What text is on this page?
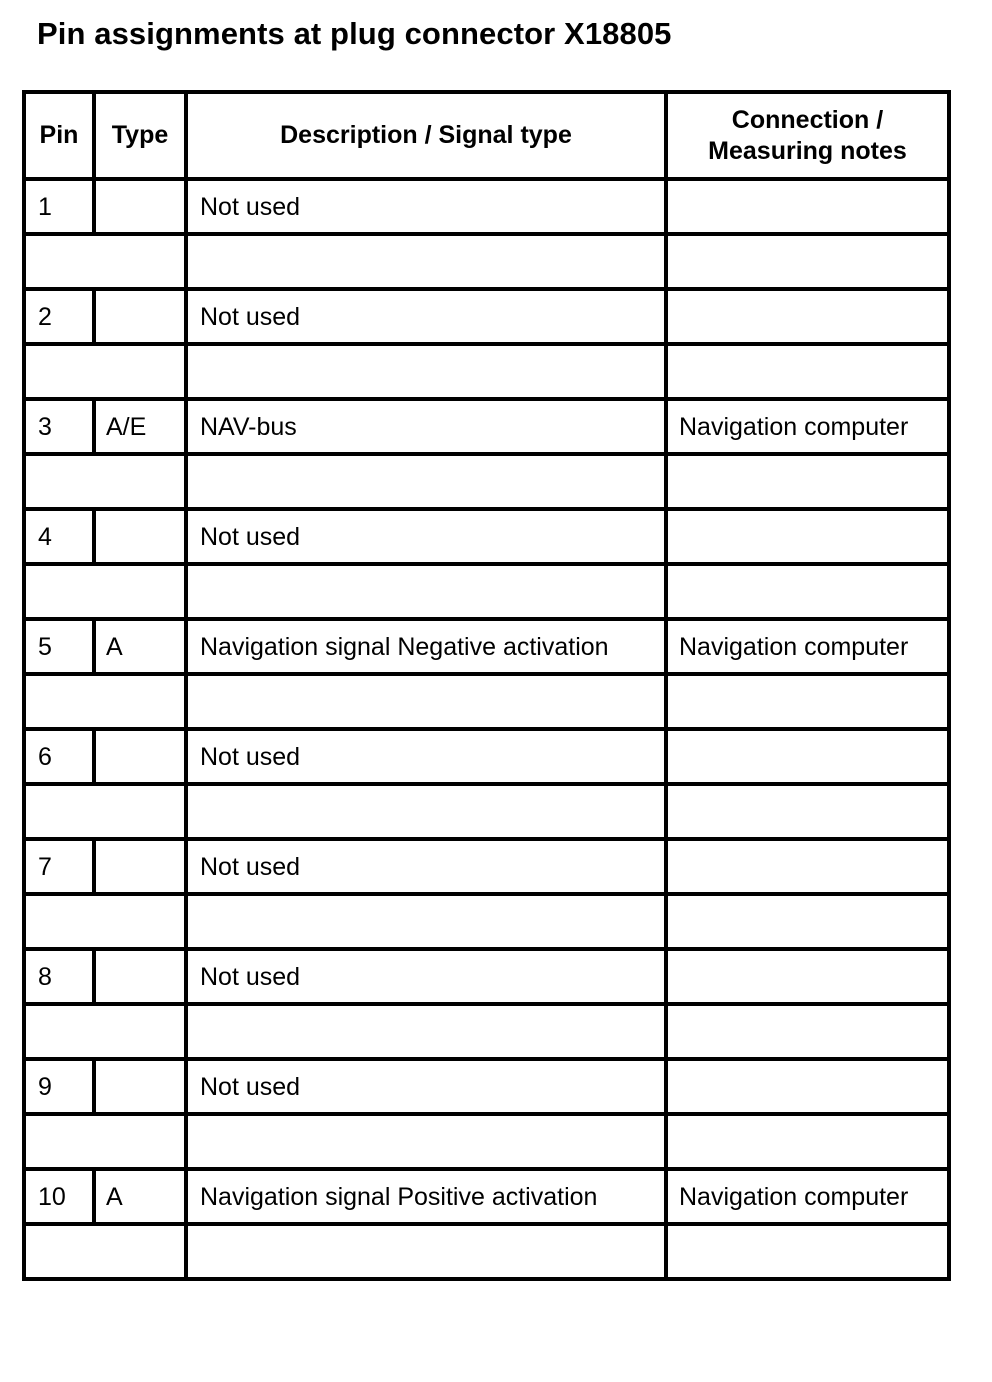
Pin assignments at plug connector X18805
Pin	Type	Description / Signal type	Connection /
Measuring notes

1		Not used	

2		Not used	

3	A/E	NAV-bus	Navigation computer

4		Not used	

5	A	Navigation signal Negative activation	Navigation computer

6		Not used	

7		Not used	

8		Not used	

9		Not used	

10	A	Navigation signal Positive activation	Navigation computer
